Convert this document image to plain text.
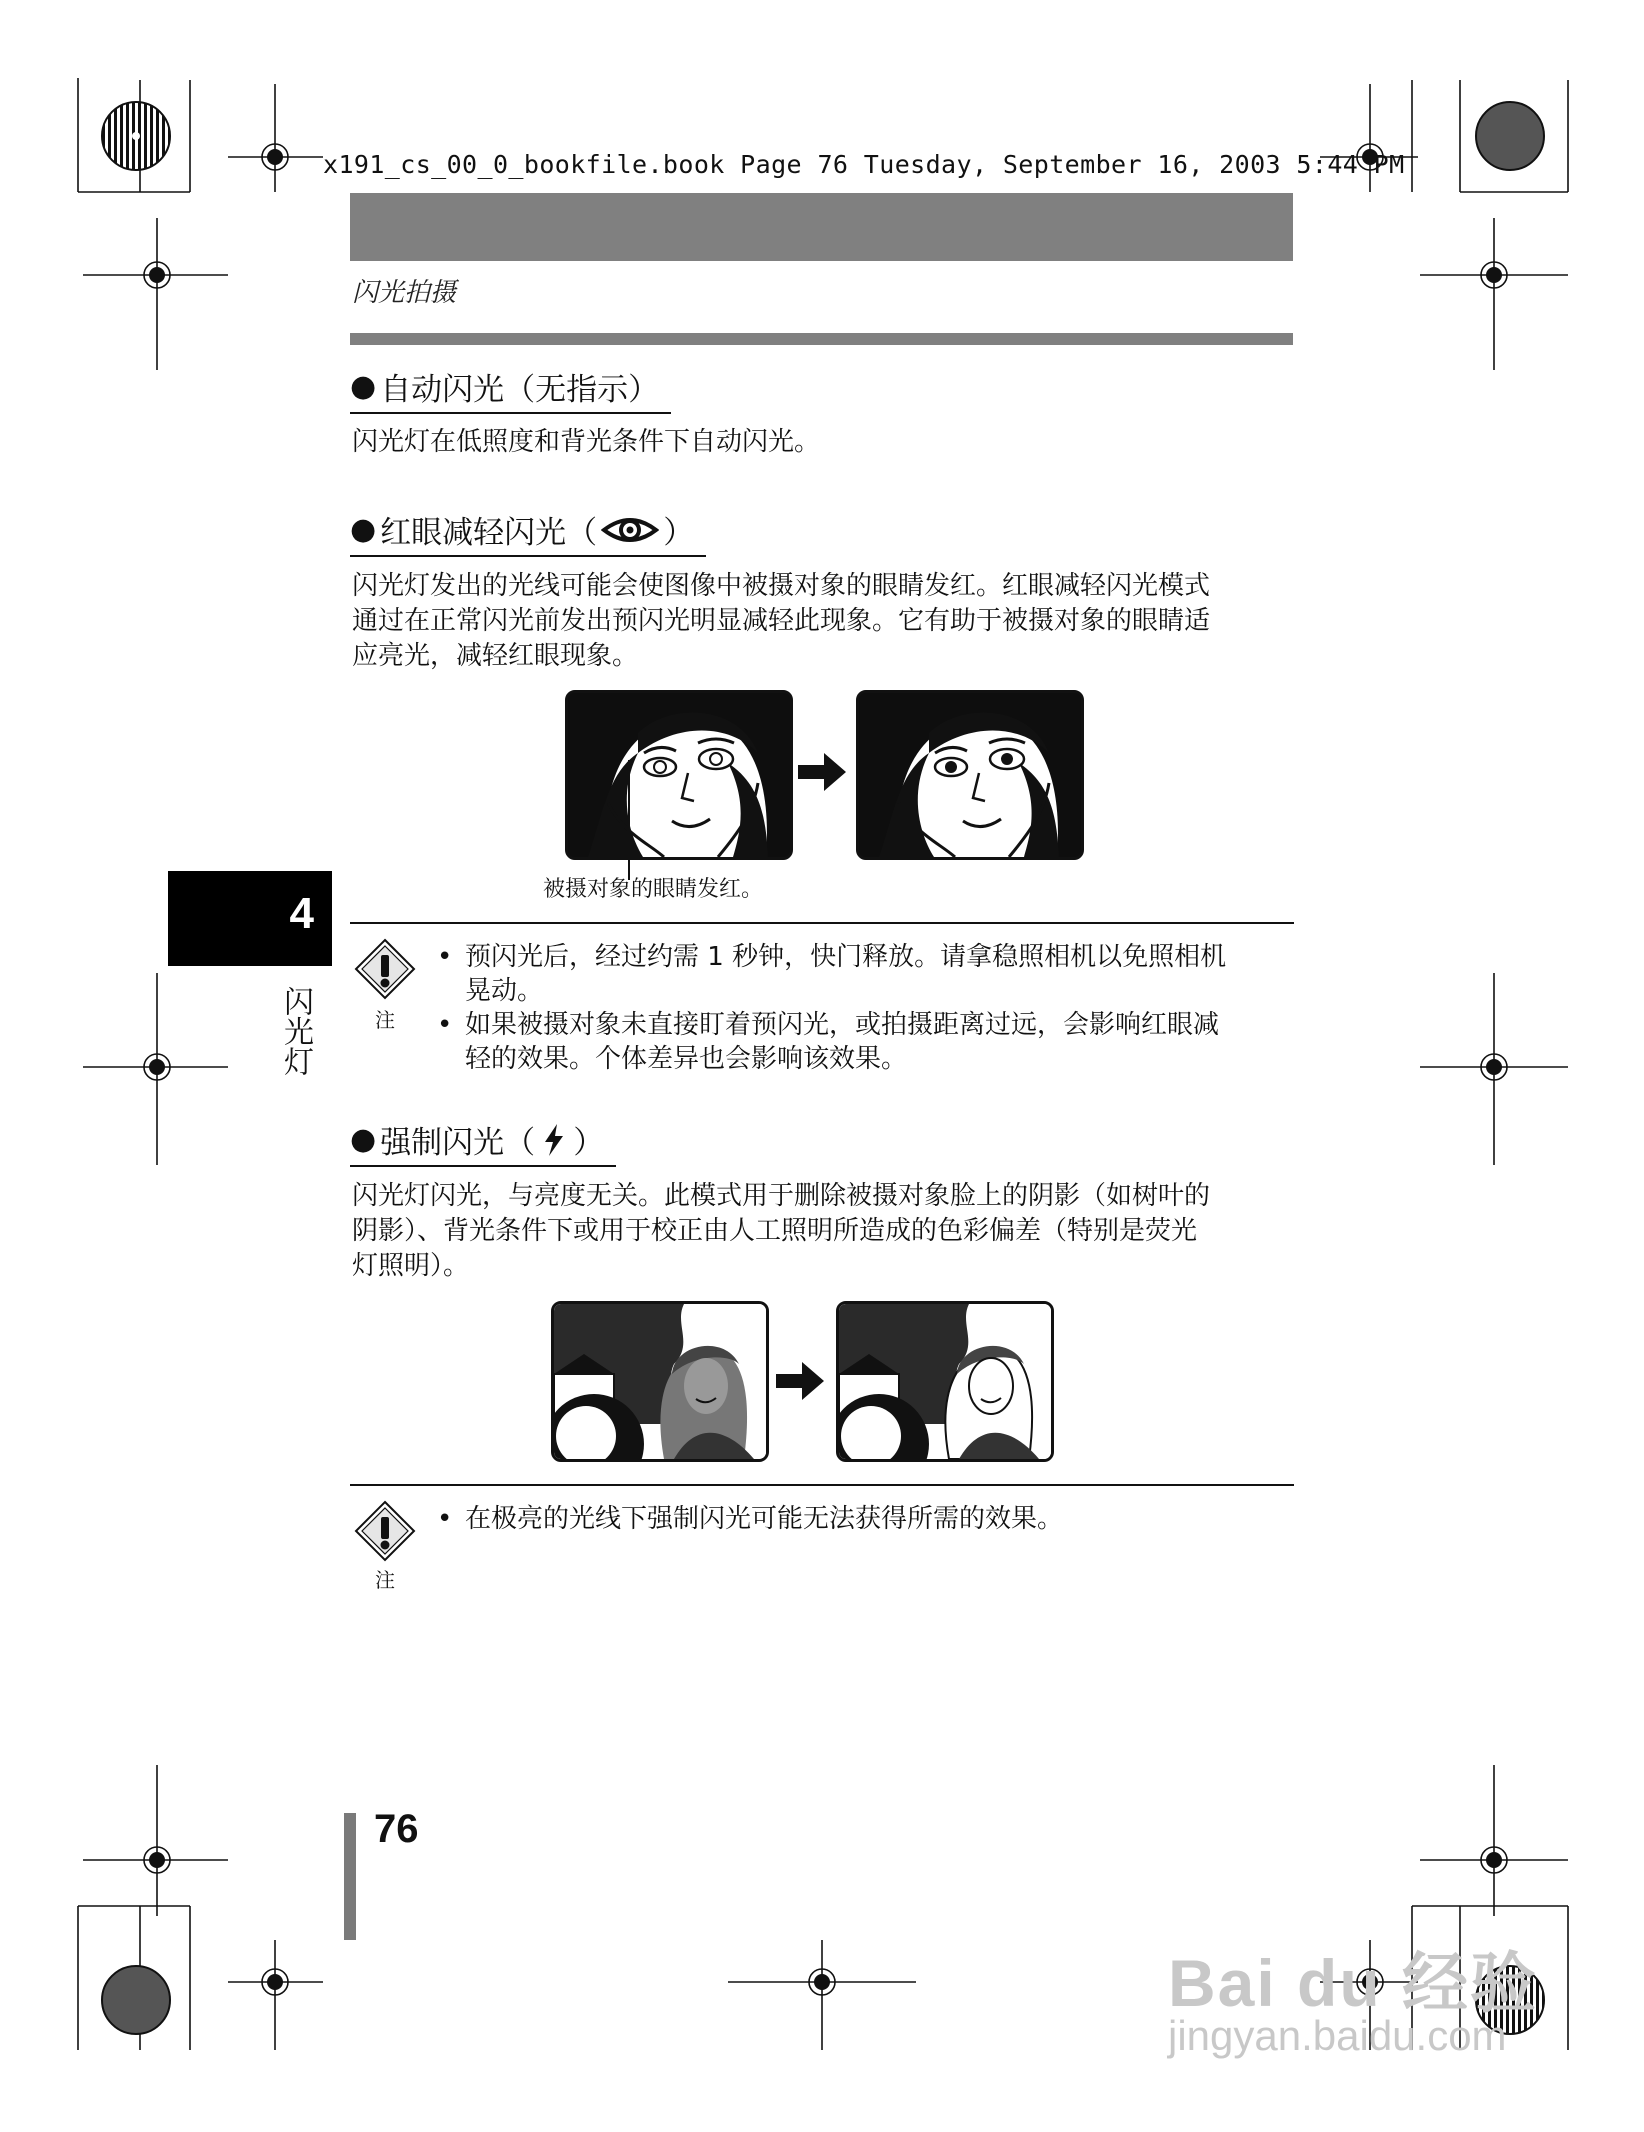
x191_cs_00_0_bookfile.book Page 76 Tuesday, September 16, 2003 5:44 PM
闪光拍摄
● 自动闪光（无指示）
闪光灯在低照度和背光条件下自动闪光。
● 红眼减轻闪光（ ）
闪光灯发出的光线可能会使图像中被摄对象的眼睛发红。红眼减轻闪光模式
通过在正常闪光前发出预闪光明显减轻此现象。它有助于被摄对象的眼睛适
应亮光，减轻红眼现象。
被摄对象的眼睛发红。
4
闪光灯	注
• 预闪光后，经过约需 1 秒钟，快门释放。请拿稳照相机以免照相机
晃动。
• 如果被摄对象未直接盯着预闪光，或拍摄距离过远，会影响红眼减
轻的效果。个体差异也会影响该效果。
● 强制闪光（ ）
闪光灯闪光，与亮度无关。此模式用于删除被摄对象脸上的阴影（如树叶的
阴影）、背光条件下或用于校正由人工照明所造成的色彩偏差（特别是荧光
灯照明）。
注
• 在极亮的光线下强制闪光可能无法获得所需的效果。
76
Bai du 经验
jingyan.baidu.com
